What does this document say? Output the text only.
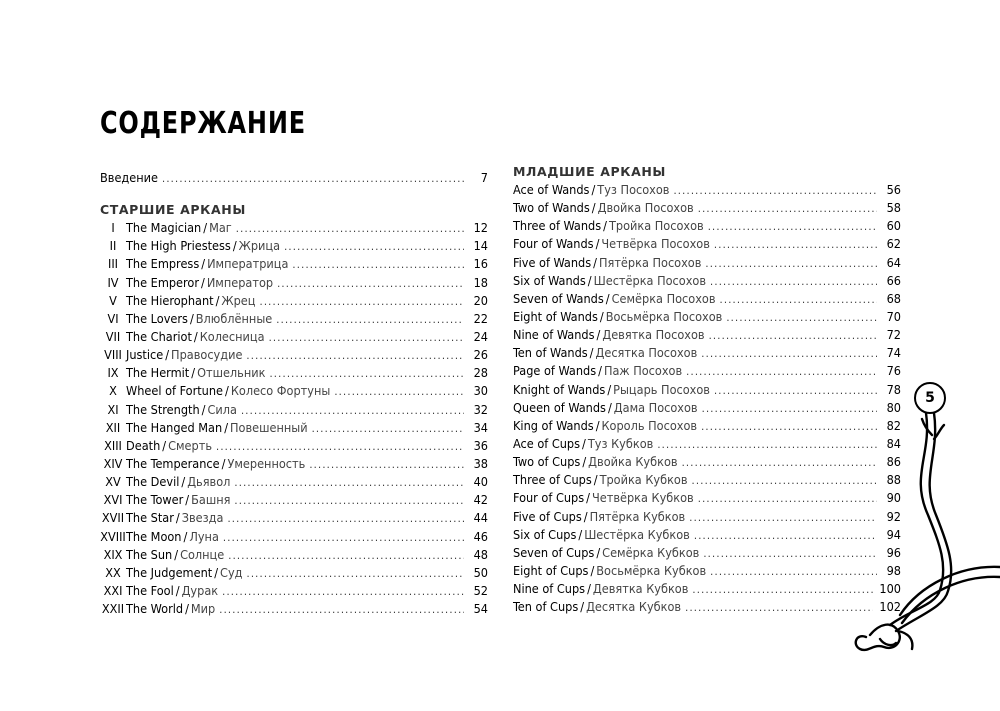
СОДЕРЖАНИЕ
Введение .....	7
СТАРШИЕ АРКАНЫ
I The Magician / Маг .....	12
II The High Priestess / Жрица .....	14
III The Empress / Императрица .....	16
IV The Emperor / Император .....	18
V The Hierophant / Жрец .....	20
VI The Lovers / Влюблённые .....	22
VII The Chariot / Колесница .....	24
VIII Justice / Правосудие .....	26
IX The Hermit / Отшельник .....	28
X Wheel of Fortune / Колесо Фортуны .....	30
XI The Strength / Сила .....	32
XII The Hanged Man / Повешенный .....	34
XIII Death / Смерть .....	36
XIV The Temperance / Умеренность .....	38
XV The Devil / Дьявол .....	40
XVI The Tower / Башня .....	42
XVII The Star / Звезда .....	44
XVIII The Moon / Луна .....	46
XIX The Sun / Солнце .....	48
XX The Judgement / Суд .....	50
XXI The Fool / Дурак .....	52
XXII The World / Мир .....	54
МЛАДШИЕ АРКАНЫ
Ace of Wands / Туз Посохов .....	56
Two of Wands / Двойка Посохов .....	58
Three of Wands / Тройка Посохов .....	60
Four of Wands / Четвёрка Посохов .....	62
Five of Wands / Пятёрка Посохов .....	64
Six of Wands / Шестёрка Посохов .....	66
Seven of Wands / Семёрка Посохов .....	68
Eight of Wands / Восьмёрка Посохов .....	70
Nine of Wands / Девятка Посохов .....	72
Ten of Wands / Десятка Посохов .....	74
Page of Wands / Паж Посохов .....	76
Knight of Wands / Рыцарь Посохов .....	78
Queen of Wands / Дама Посохов .....	80
King of Wands / Король Посохов .....	82
Ace of Cups / Туз Кубков .....	84
Two of Cups / Двойка Кубков .....	86
Three of Cups / Тройка Кубков .....	88
Four of Cups / Четвёрка Кубков .....	90
Five of Cups / Пятёрка Кубков .....	92
Six of Cups / Шестёрка Кубков .....	94
Seven of Cups / Семёрка Кубков .....	96
Eight of Cups / Восьмёрка Кубков .....	98
Nine of Cups / Девятка Кубков .....	100
Ten of Cups / Десятка Кубков .....	102
5
